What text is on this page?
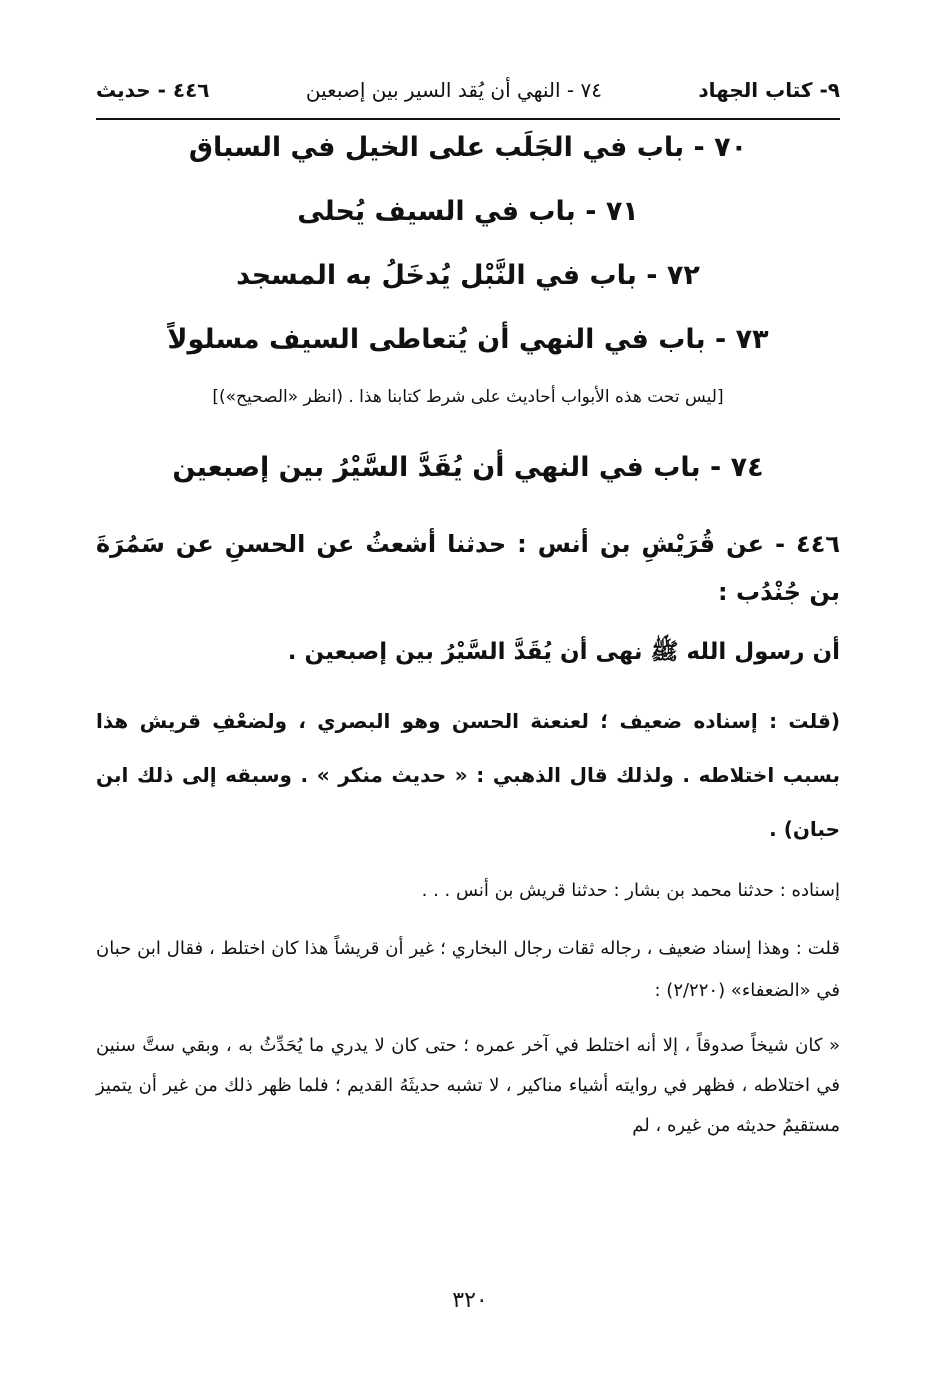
٩- كتاب الجهاد
٧٤ - النهي أن يُقد السير بين إصبعين
٤٤٦ - حديث
٧٠ - باب في الجَلَب على الخيل في السباق
٧١ - باب في السيف يُحلى
٧٢ - باب في النَّبْل يُدخَلُ به المسجد
٧٣ - باب في النهي أن يُتعاطى السيف مسلولاً
[ليس تحت هذه الأبواب أحاديث على شرط كتابنا هذا . (انظر «الصحيح»)]
٧٤ - باب في النهي أن يُقَدَّ السَّيْرُ بين إصبعين

٤٤٦ - عن قُرَيْشِ بن أنس : حدثنا أشعثُ عن الحسنِ عن سَمُرَةَ بن جُنْدُب :

أن رسول الله ﷺ نهى أن يُقَدَّ السَّيْرُ بين إصبعين .

(قلت : إسناده ضعيف ؛ لعنعنة الحسن وهو البصري ، ولضعْفِ قريش هذا بسبب اختلاطه . ولذلك قال الذهبي : « حديث منكر » . وسبقه إلى ذلك ابن حبان) .

إسناده : حدثنا محمد بن بشار : حدثنا قريش بن أنس . . .

قلت : وهذا إسناد ضعيف ، رجاله ثقات رجال البخاري ؛ غير أن قريشاً هذا كان اختلط ، فقال ابن حبان في «الضعفاء» (٢/٢٢٠) :

« كان شيخاً صدوقاً ، إلا أنه اختلط في آخر عمره ؛ حتى كان لا يدري ما يُحَدِّثُ به ، وبقي ستَّ سنين في اختلاطه ، فظهر في روايته أشياء مناكير ، لا تشبه حديثَهُ القديم ؛ فلما ظهر ذلك من غير أن يتميز مستقيمُ حديثه من غيره ، لم

٣٢٠
